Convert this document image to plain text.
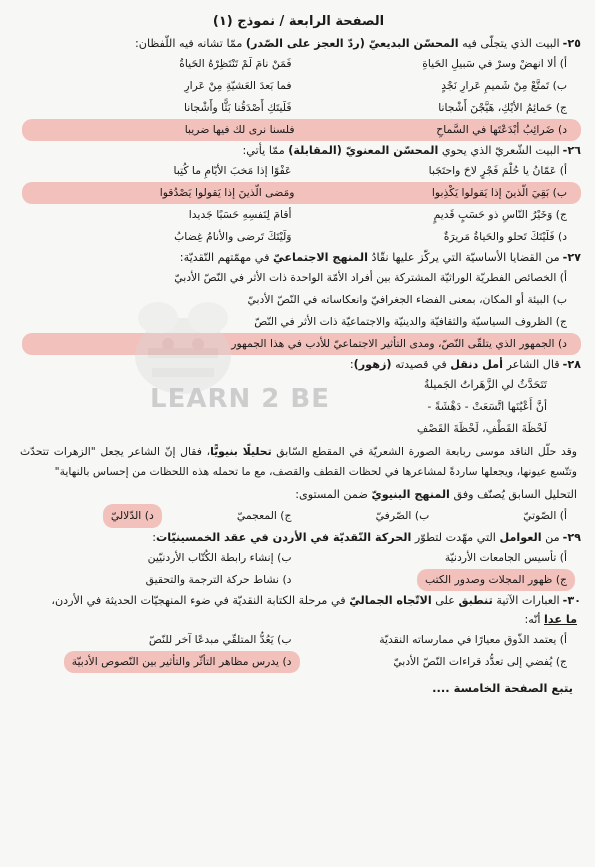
الصفحة الرابعة / نموذج (١)
٢٥-البيت الذي يتجلّى فيه المحسّن البديعيّ (ردّ العجز على الصّدر) ممّا تشانه فيه اللّفظان:
أ) ألا انهضْ وسرْ في سَبيلِ الحَياةِ
فَمَنْ نامَ لَمْ تَنْتَظِرْهُ الحَياةُ
ب) تَمتَّعْ مِنْ شَميمِ عَرارِ نَجْدٍ
فما بَعدَ العَشيّةِ مِنْ عَرارِ
ج) حَمائِمُ الأيْكِ، هَيَّجْنَ أَشْجانا
فَلَيتَكِ أَصْدَقُنا بَثًّا وأَشْجانا
د) ضَرائِبُ أبْدَعْتَها في السَّماحِ
فلسنا نرى لك فيها ضريبا
٢٦-البيت الشّعريّ الذي يحوي المحسّن المعنويّ (المقابلة) ممّا يأتي:
أ) عَمّانُ يا حُلْمَ فَجْرٍ لاحَ واحتَجَبا
عَفْوًا إذا مَخبَ الأيّامِ ما كُتِبا
ب) بَقِيَ الّذينَ إذا يَقولوا يَكْذِبوا
ومَضى الّذينَ إذا يَقولوا يَصْدُقوا
ج) وَخَيْرُ النّاسِ ذو حَسَبٍ قَديمٍ
أقامَ لِنَفسِهِ حَسَبًا جَديدا
د) فَلَيْتَكَ تَحلو والحَياةُ مَريرَةٌ
وَلَيْتَكَ تَرضى والأنامُ غِضابُ
٢٧-من القضايا الأساسيّة التي يركّز عليها نقّادُ المنهج الاجتماعيّ في مهمّتهم النّقديّة:
أ) الخصائص الفطريّة الوراثيّة المشتركة بين أفراد الأمّة الواحدة ذات الأثر في النّصّ الأدبيّ
ب) البيئة أو المكان، بمعنى الفضاء الجغرافيّ وانعكاساته في النّصّ الأدبيّ
ج) الظروف السياسيّة والثقافيّة والدينيّة والاجتماعيّة ذات الأثر في النّصّ
د) الجمهور الذي يتلقّى النّصّ، ومدى التأثير الاجتماعيّ للأدب في هذا الجمهور
٢٨-قال الشاعر أمل دنقل في قصيدته (زهور):
تَتَحَدَّثُ لي الزَّهَراتُ الجَميلةُ
أنَّ أَعْيُنَها اتَّسَعَتْ - دَهْشَةً -
لَحْظَةَ القَطْفِ، لَحْظَةَ القَصْفِ
وقد حلّل الناقد موسى ربابعة الصورة الشعريّة في المقطع السّابق تحليلًا بنيويًّا، فقال إنّ الشاعر يجعل "الزهرات تتحدّث وتتّسع عيونها، ويجعلها ساردةً لمشاعرها في لحظات القطف والقصف، مع ما تحمله هذه اللحظات من إحساس بالنهاية"
التحليل السابق يُصنّف وفق المنهج البنيويّ ضمن المستوى:
أ) الصّوتيّ
ب) الصّرفيّ
ج) المعجميّ
د) الدّلاليّ
٢٩-من العوامل التي مهّدت لتطوّر الحركة النّقديّة في الأردن في عقد الخمسينيّات:
أ) تأسيس الجامعات الأردنيّة
ب) إنشاء رابطة الكُتّاب الأردنيّين
ج) ظهور المجلات وصدور الكتب
د) نشاط حركة الترجمة والتحقيق
٣٠-العبارات الآتية تنطبق على الاتّجاه الجماليّ في مرحلة الكتابة النقديّة في ضوء المنهجيّات الحديثة في الأردن،
ما عدا أنّه:
أ) يعتمد الذّوق معيارًا في ممارساته النقديّة
ب) يَعُدُّ المتلقّي مبدعًا آخر للنّصّ
ج) يُفضي إلى تعدُّد قراءات النّصّ الأدبيّ
د) يدرس مظاهر التأثّر والتأثير بين النّصوص الأدبيّة
يتبع الصفحة الخامسة ....
LEARN 2 BE
